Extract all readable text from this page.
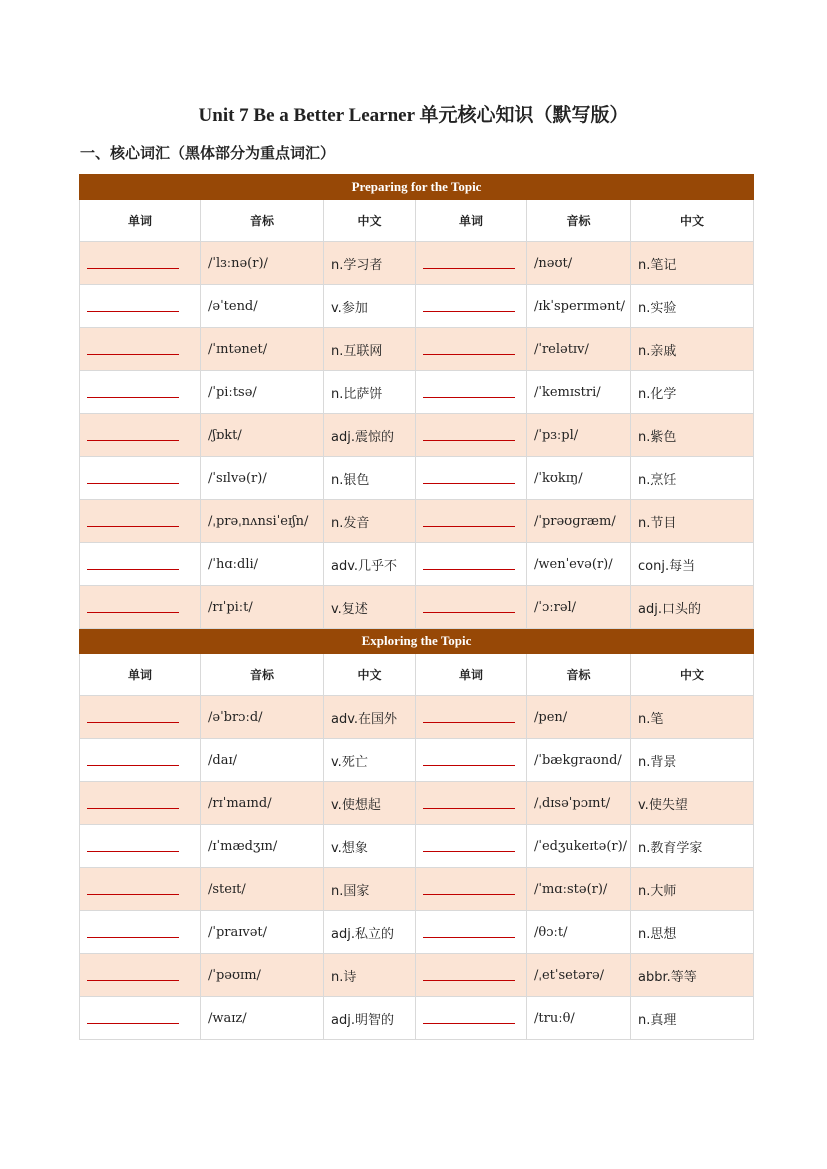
Unit 7 Be a Better Learner 单元核心知识（默写版）
一、核心词汇（黑体部分为重点词汇）
Preparing for the Topic					
单词	音标	中文	单词	音标	中文
	/ˈlɜːnə(r)/	n.学习者		/nəʊt/	n.笔记
	/əˈtend/	v.参加		/ɪkˈsperɪmənt/	n.实验
	/ˈɪntənet/	n.互联网		/ˈrelətɪv/	n.亲戚
	/ˈpiːtsə/	n.比萨饼		/ˈkemɪstri/	n.化学
	/ʃɒkt/	adj.震惊的		/ˈpɜːpl/	n.紫色
	/ˈsɪlvə(r)/	n.银色		/ˈkʊkɪŋ/	n.烹饪
	/ˌprəˌnʌnsiˈeɪʃn/	n.发音		/ˈprəʊɡræm/	n.节目
	/ˈhɑːdli/	adv.几乎不		/wenˈevə(r)/	conj.每当
	/rɪˈpiːt/	v.复述		/ˈɔːrəl/	adj.口头的
Exploring the Topic					
单词	音标	中文	单词	音标	中文
	/əˈbrɔːd/	adv.在国外		/pen/	n.笔
	/daɪ/	v.死亡		/ˈbækɡraʊnd/	n.背景
	/rɪˈmaɪnd/	v.使想起		/ˌdɪsəˈpɔɪnt/	v.使失望
	/ɪˈmædʒɪn/	v.想象		/ˈedʒukeɪtə(r)/	n.教育学家
	/steɪt/	n.国家		/ˈmɑːstə(r)/	n.大师
	/ˈpraɪvət/	adj.私立的		/θɔːt/	n.思想
	/ˈpəʊɪm/	n.诗		/ˌetˈsetərə/	abbr.等等
	/waɪz/	adj.明智的		/truːθ/	n.真理
